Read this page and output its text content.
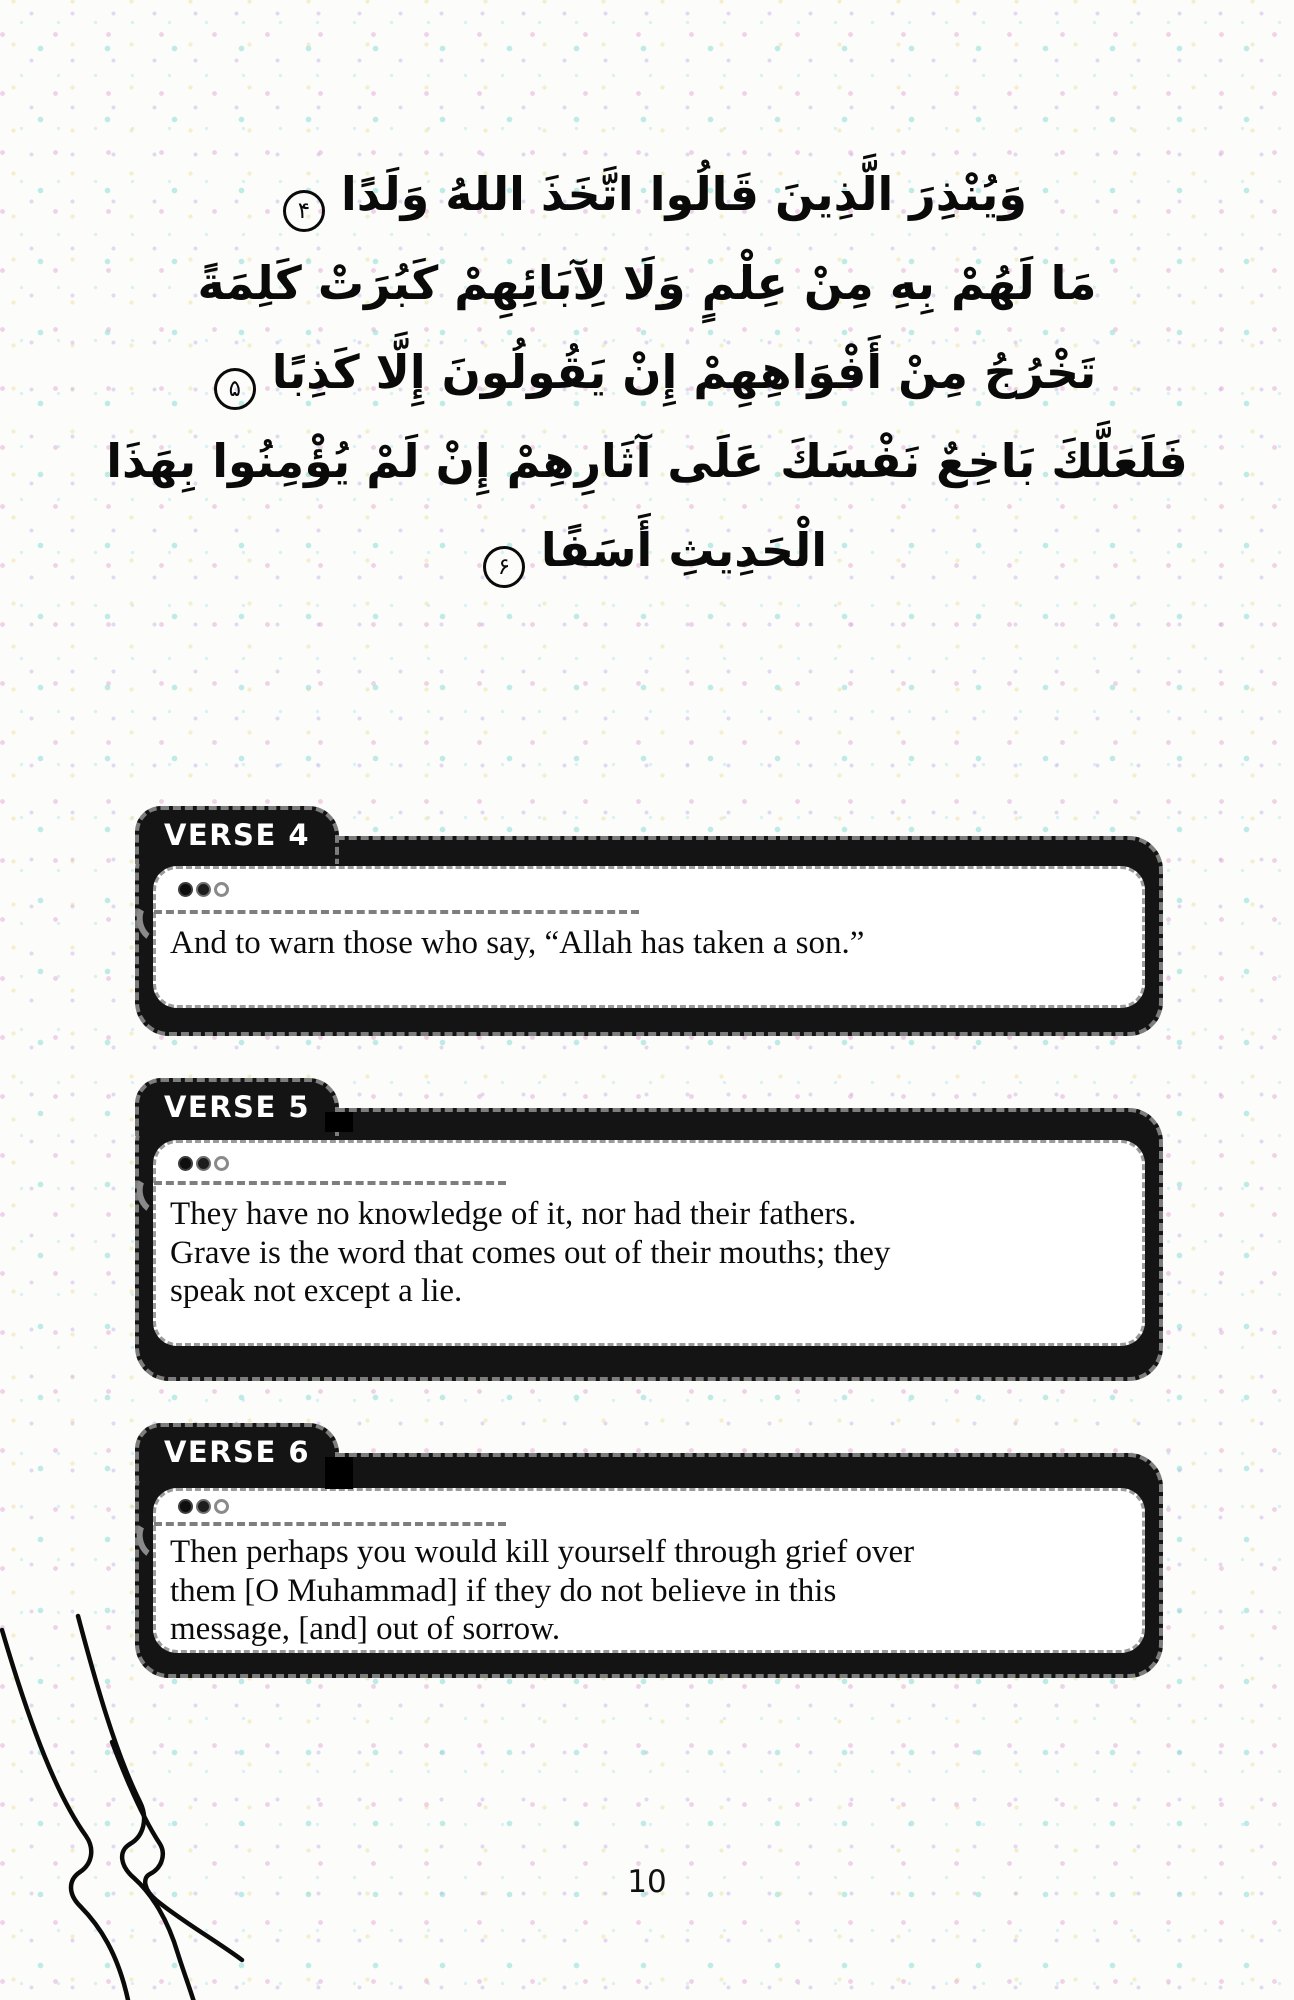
وَيُنْذِرَ الَّذِينَ قَالُوا اتَّخَذَ اللهُ وَلَدًا۴
مَا لَهُمْ بِهِ مِنْ عِلْمٍ وَلَا لِآبَائِهِمْ كَبُرَتْ كَلِمَةً
تَخْرُجُ مِنْ أَفْوَاهِهِمْ إِنْ يَقُولُونَ إِلَّا كَذِبًا۵
فَلَعَلَّكَ بَاخِعٌ نَفْسَكَ عَلَى آثَارِهِمْ إِنْ لَمْ يُؤْمِنُوا بِهَذَا
الْحَدِيثِ أَسَفًا۶
VERSE 4
And to warn those who say, “Allah has taken a son.”
VERSE 5
They have no knowledge of it, nor had their fathers.
Grave is the word that comes out of their mouths; they
speak not except a lie.
VERSE 6
Then perhaps you would kill yourself through grief over
them [O Muhammad] if they do not believe in this
message, [and] out of sorrow.
10
